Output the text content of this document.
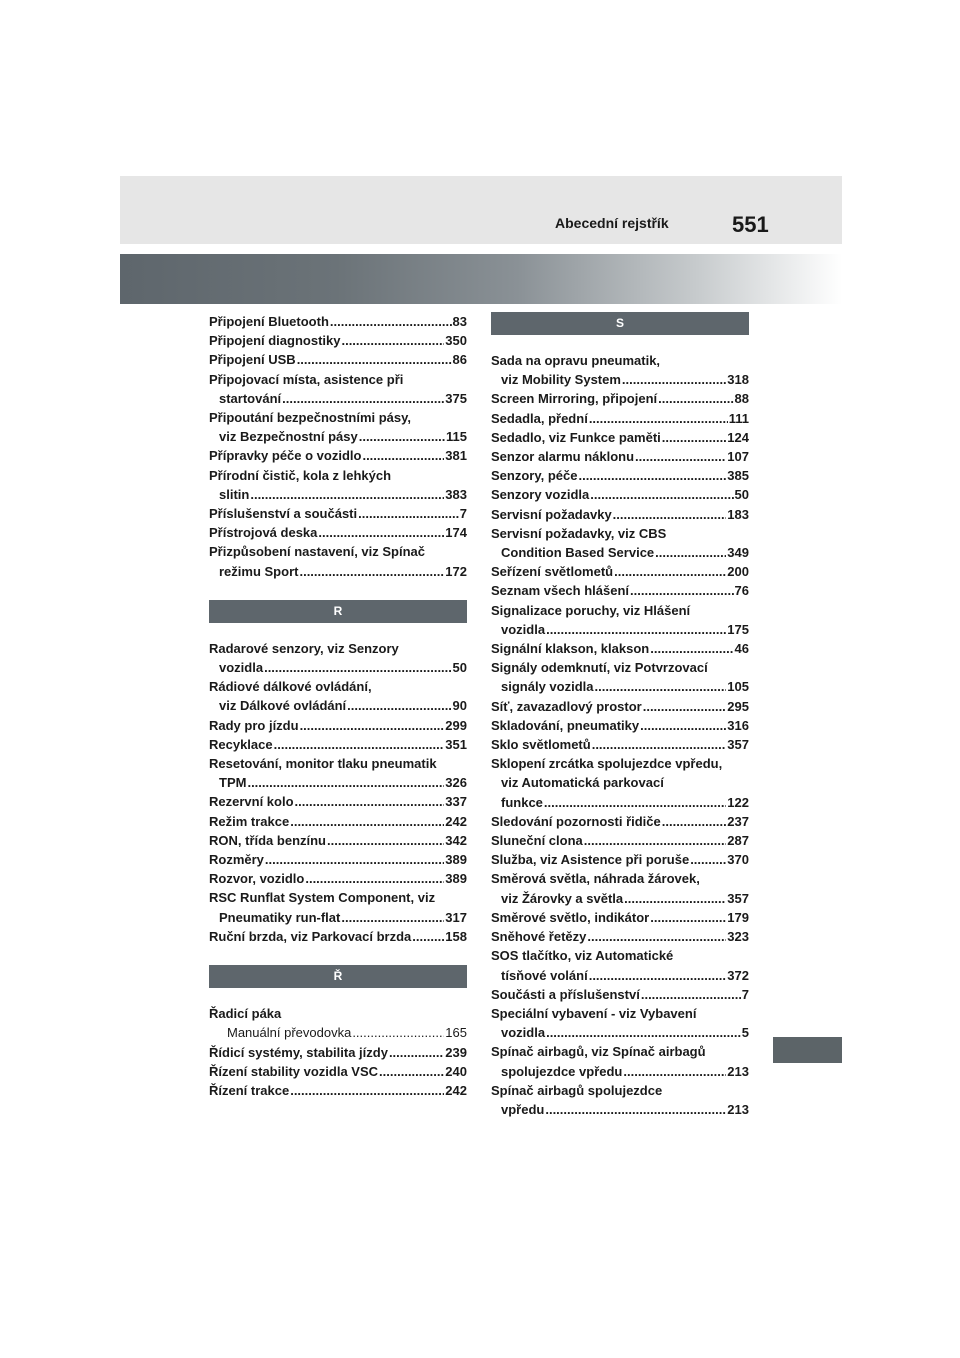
Abecední rejstřík	551
Připojení Bluetooth .....	83
Připojení diagnostiky .....	350
Připojení USB .....	86
Připojovací místa, asistence při
startování .....	375
Připoutání bezpečnostními pásy,
viz Bezpečnostní pásy .....	115
Přípravky péče o vozidlo .....	381
Přírodní čistič, kola z lehkých
slitin .....	383
Příslušenství a součásti .....	7
Přístrojová deska .....	174
Přizpůsobení nastavení, viz Spínač
režimu Sport .....	172
R
Radarové senzory, viz Senzory
vozidla .....	50
Rádiové dálkové ovládání,
viz Dálkové ovládání .....	90
Rady pro jízdu .....	299
Recyklace .....	351
Resetování, monitor tlaku pneumatik
TPM .....	326
Rezervní kolo .....	337
Režim trakce .....	242
RON, třída benzínu .....	342
Rozměry .....	389
Rozvor, vozidlo .....	389
RSC Runflat System Component, viz
Pneumatiky run-flat .....	317
Ruční brzda, viz Parkovací brzda .....	158
Ř
Řadicí páka
Manuální převodovka .....	165
Řídicí systémy, stabilita jízdy .....	239
Řízení stability vozidla VSC .....	240
Řízení trakce .....	242
S
Sada na opravu pneumatik,
viz Mobility System .....	318
Screen Mirroring, připojení .....	88
Sedadla, přední .....	111
Sedadlo, viz Funkce paměti .....	124
Senzor alarmu náklonu .....	107
Senzory, péče .....	385
Senzory vozidla .....	50
Servisní požadavky .....	183
Servisní požadavky, viz CBS
Condition Based Service .....	349
Seřízení světlometů .....	200
Seznam všech hlášení .....	76
Signalizace poruchy, viz Hlášení
vozidla .....	175
Signální klakson, klakson .....	46
Signály odemknutí, viz Potvrzovací
signály vozidla .....	105
Síť, zavazadlový prostor .....	295
Skladování, pneumatiky .....	316
Sklo světlometů .....	357
Sklopení zrcátka spolujezdce vpředu,
viz Automatická parkovací
funkce .....	122
Sledování pozornosti řidiče .....	237
Sluneční clona .....	287
Služba, viz Asistence při poruše .....	370
Směrová světla, náhrada žárovek,
viz Žárovky a světla .....	357
Směrové světlo, indikátor .....	179
Sněhové řetězy .....	323
SOS tlačítko, viz Automatické
tísňové volání .....	372
Součásti a příslušenství .....	7
Speciální vybavení - viz Vybavení
vozidla .....	5
Spínač airbagů, viz Spínač airbagů
spolujezdce vpředu .....	213
Spínač airbagů spolujezdce
vpředu .....	213
